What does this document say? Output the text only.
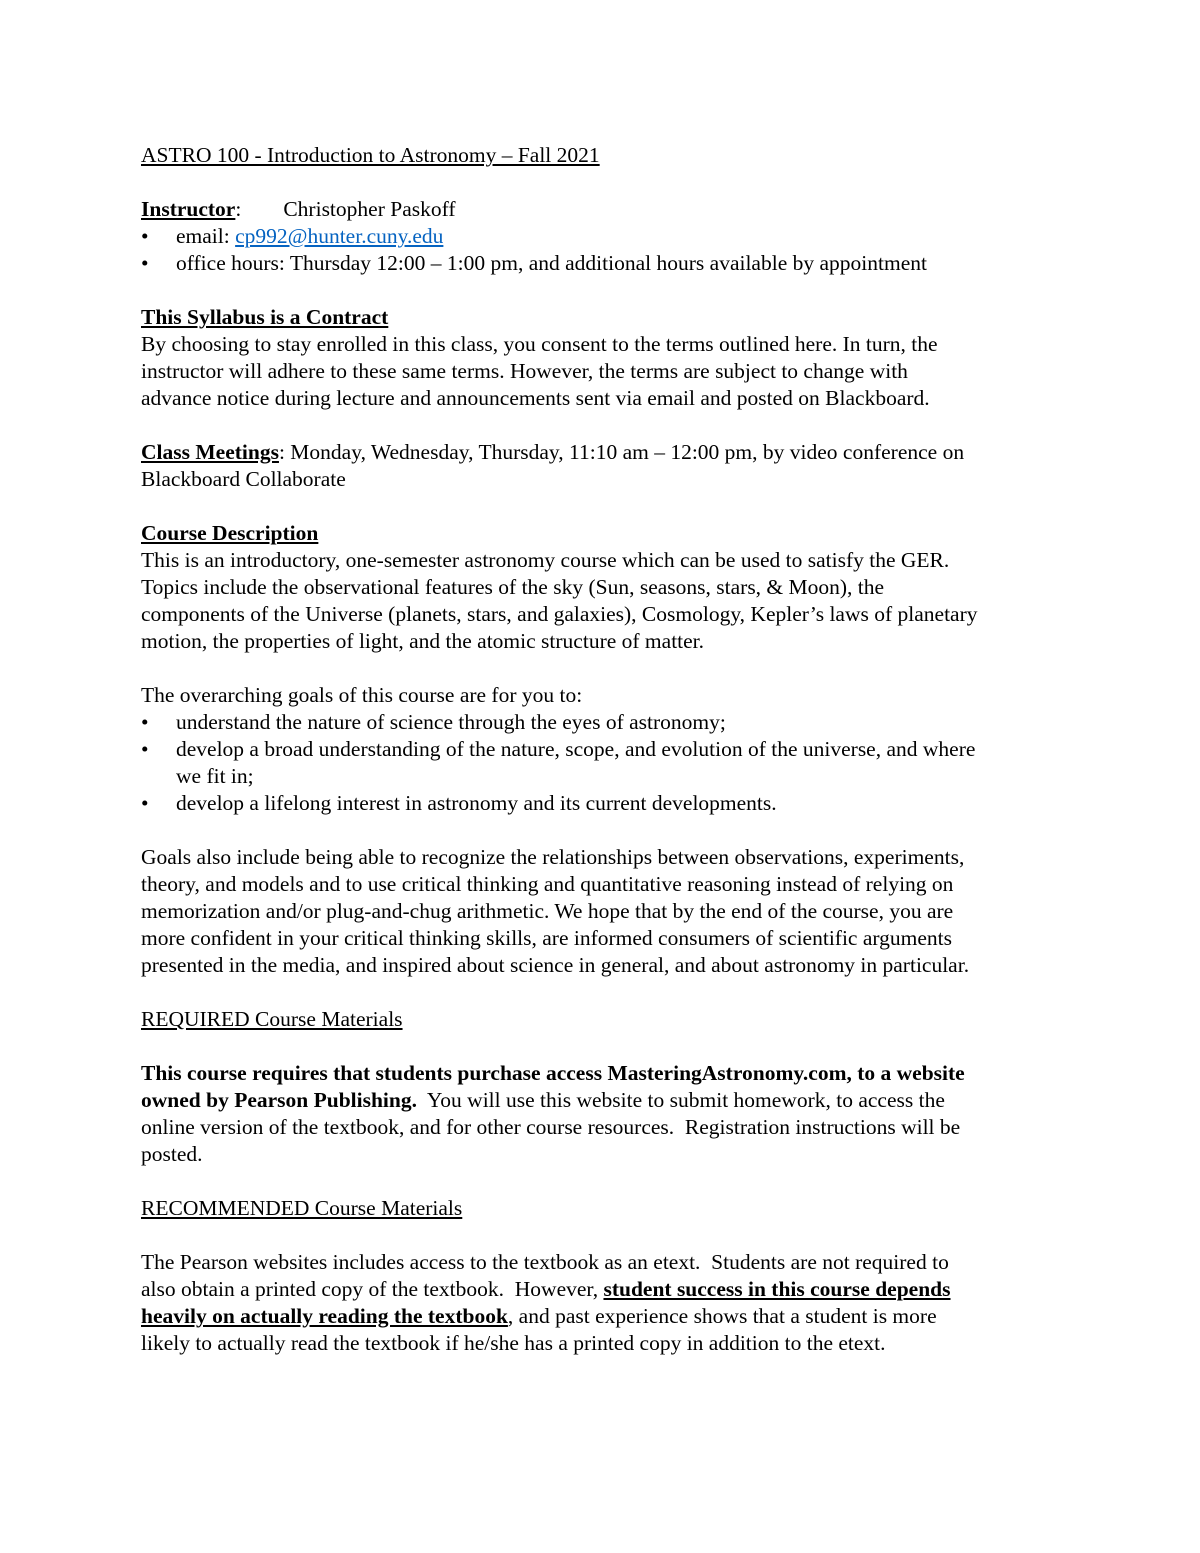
ASTRO 100 - Introduction to Astronomy – Fall 2021

Instructor: Christopher Paskoff

•	email: cp992@hunter.cuny.edu
•	office hours: Thursday 12:00 – 1:00 pm, and additional hours available by appointment

This Syllabus is a Contract

By choosing to stay enrolled in this class, you consent to the terms outlined here. In turn, the

instructor will adhere to these same terms. However, the terms are subject to change with

advance notice during lecture and announcements sent via email and posted on Blackboard.

Class Meetings: Monday, Wednesday, Thursday, 11:10 am – 12:00 pm, by video conference on

Blackboard Collaborate

Course Description

This is an introductory, one-semester astronomy course which can be used to satisfy the GER.

Topics include the observational features of the sky (Sun, seasons, stars, & Moon), the

components of the Universe (planets, stars, and galaxies), Cosmology, Kepler’s laws of planetary

motion, the properties of light, and the atomic structure of matter.

The overarching goals of this course are for you to:

•	understand the nature of science through the eyes of astronomy;
•	develop a broad understanding of the nature, scope, and evolution of the universe, and where
we fit in;
•	develop a lifelong interest in astronomy and its current developments.

Goals also include being able to recognize the relationships between observations, experiments,

theory, and models and to use critical thinking and quantitative reasoning instead of relying on

memorization and/or plug-and-chug arithmetic. We hope that by the end of the course, you are

more confident in your critical thinking skills, are informed consumers of scientific arguments

presented in the media, and inspired about science in general, and about astronomy in particular.

REQUIRED Course Materials

This course requires that students purchase access MasteringAstronomy.com, to a website

owned by Pearson Publishing.  You will use this website to submit homework, to access the

online version of the textbook, and for other course resources.  Registration instructions will be

posted.

RECOMMENDED Course Materials

The Pearson websites includes access to the textbook as an etext.  Students are not required to

also obtain a printed copy of the textbook.  However, student success in this course depends

heavily on actually reading the textbook, and past experience shows that a student is more

likely to actually read the textbook if he/she has a printed copy in addition to the etext.
